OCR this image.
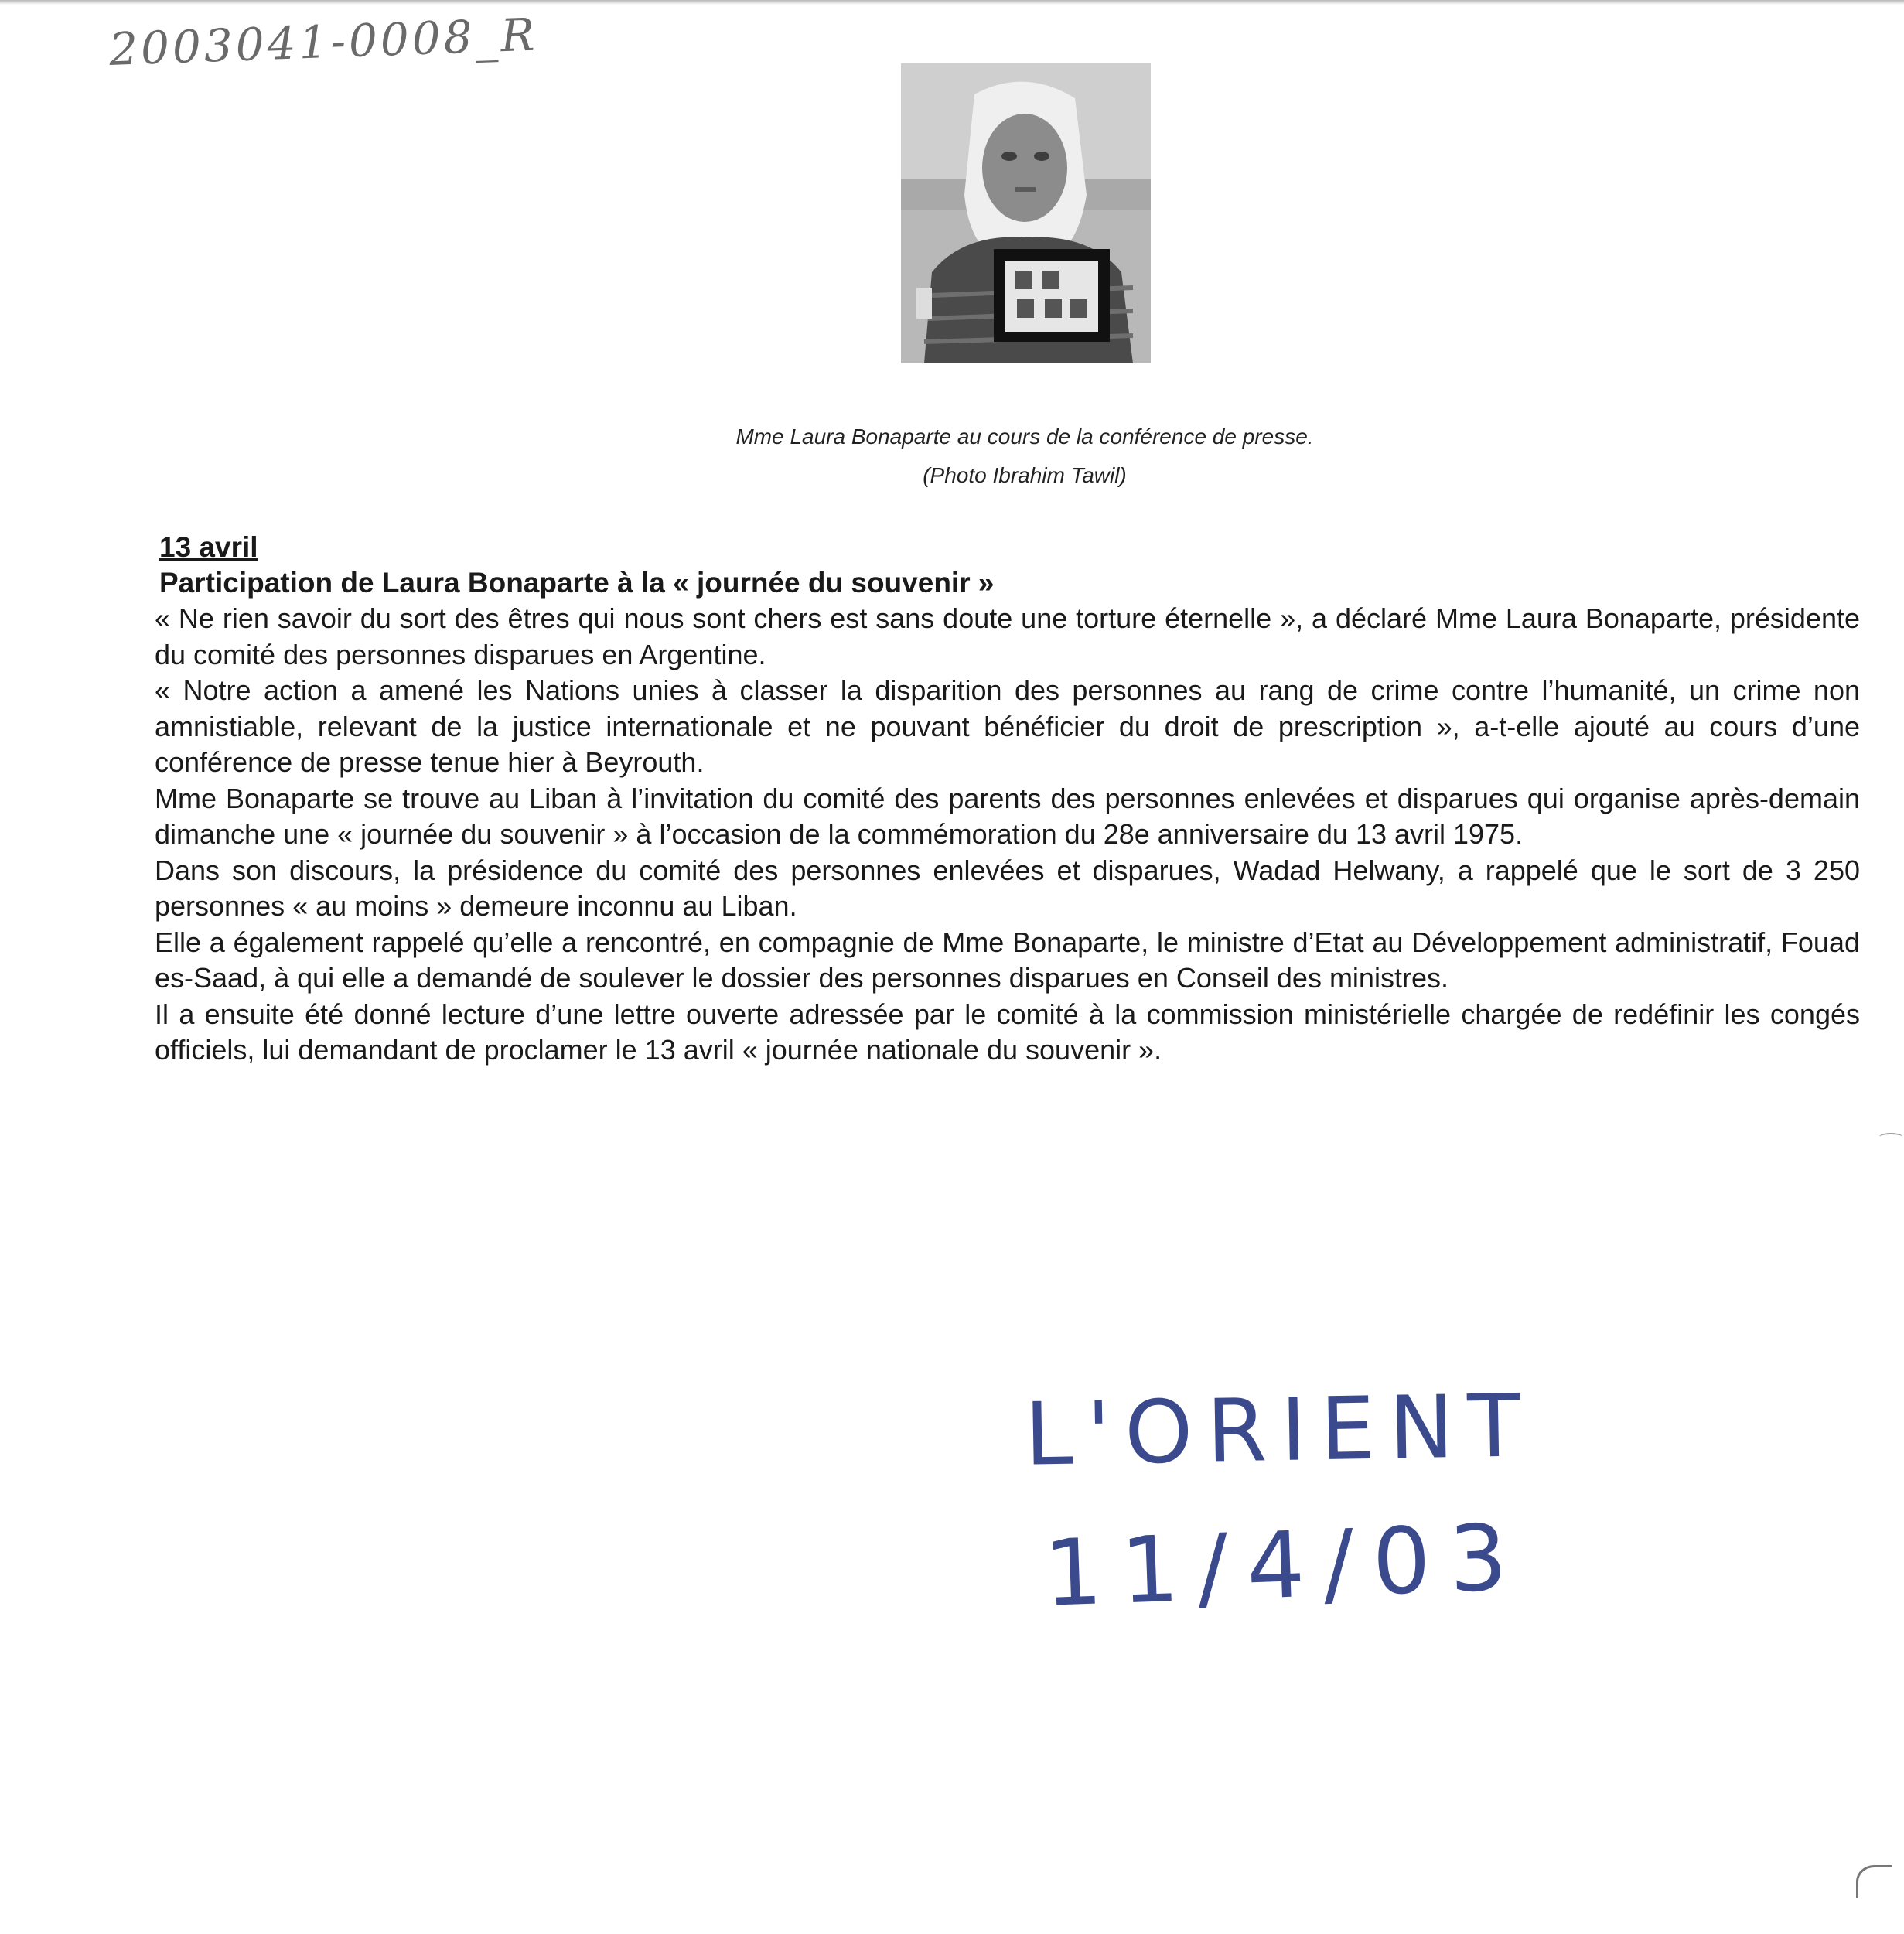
2003041-0008_R
Mme Laura Bonaparte au cours de la conférence de presse.
(Photo Ibrahim Tawil)
13 avril
Participation de Laura Bonaparte à la « journée du souvenir »

« Ne rien savoir du sort des êtres qui nous sont chers est sans doute une torture éternelle », a déclaré Mme Laura Bonaparte, présidente du comité des personnes disparues en Argentine.

« Notre action a amené les Nations unies à classer la disparition des personnes au rang de crime contre l’humanité, un crime non amnistiable, relevant de la justice internationale et ne pouvant bénéficier du droit de prescription », a-t-elle ajouté au cours d’une conférence de presse tenue hier à Beyrouth.

Mme Bonaparte se trouve au Liban à l’invitation du comité des parents des personnes enlevées et disparues qui organise après-demain dimanche une « journée du souvenir » à l’occasion de la commémoration du 28e anniversaire du 13 avril 1975.

Dans son discours, la présidence du comité des personnes enlevées et disparues, Wadad Helwany, a rappelé que le sort de 3 250 personnes « au moins » demeure inconnu au Liban.

Elle a également rappelé qu’elle a rencontré, en compagnie de Mme Bonaparte, le ministre d’Etat au Développement administratif, Fouad es-Saad, à qui elle a demandé de soulever le dossier des personnes disparues en Conseil des ministres.

Il a ensuite été donné lecture d’une lettre ouverte adressée par le comité à la commission ministérielle chargée de redéfinir les congés officiels, lui demandant de proclamer le 13 avril « journée nationale du souvenir ».

L'ORIENT
11/4/03
